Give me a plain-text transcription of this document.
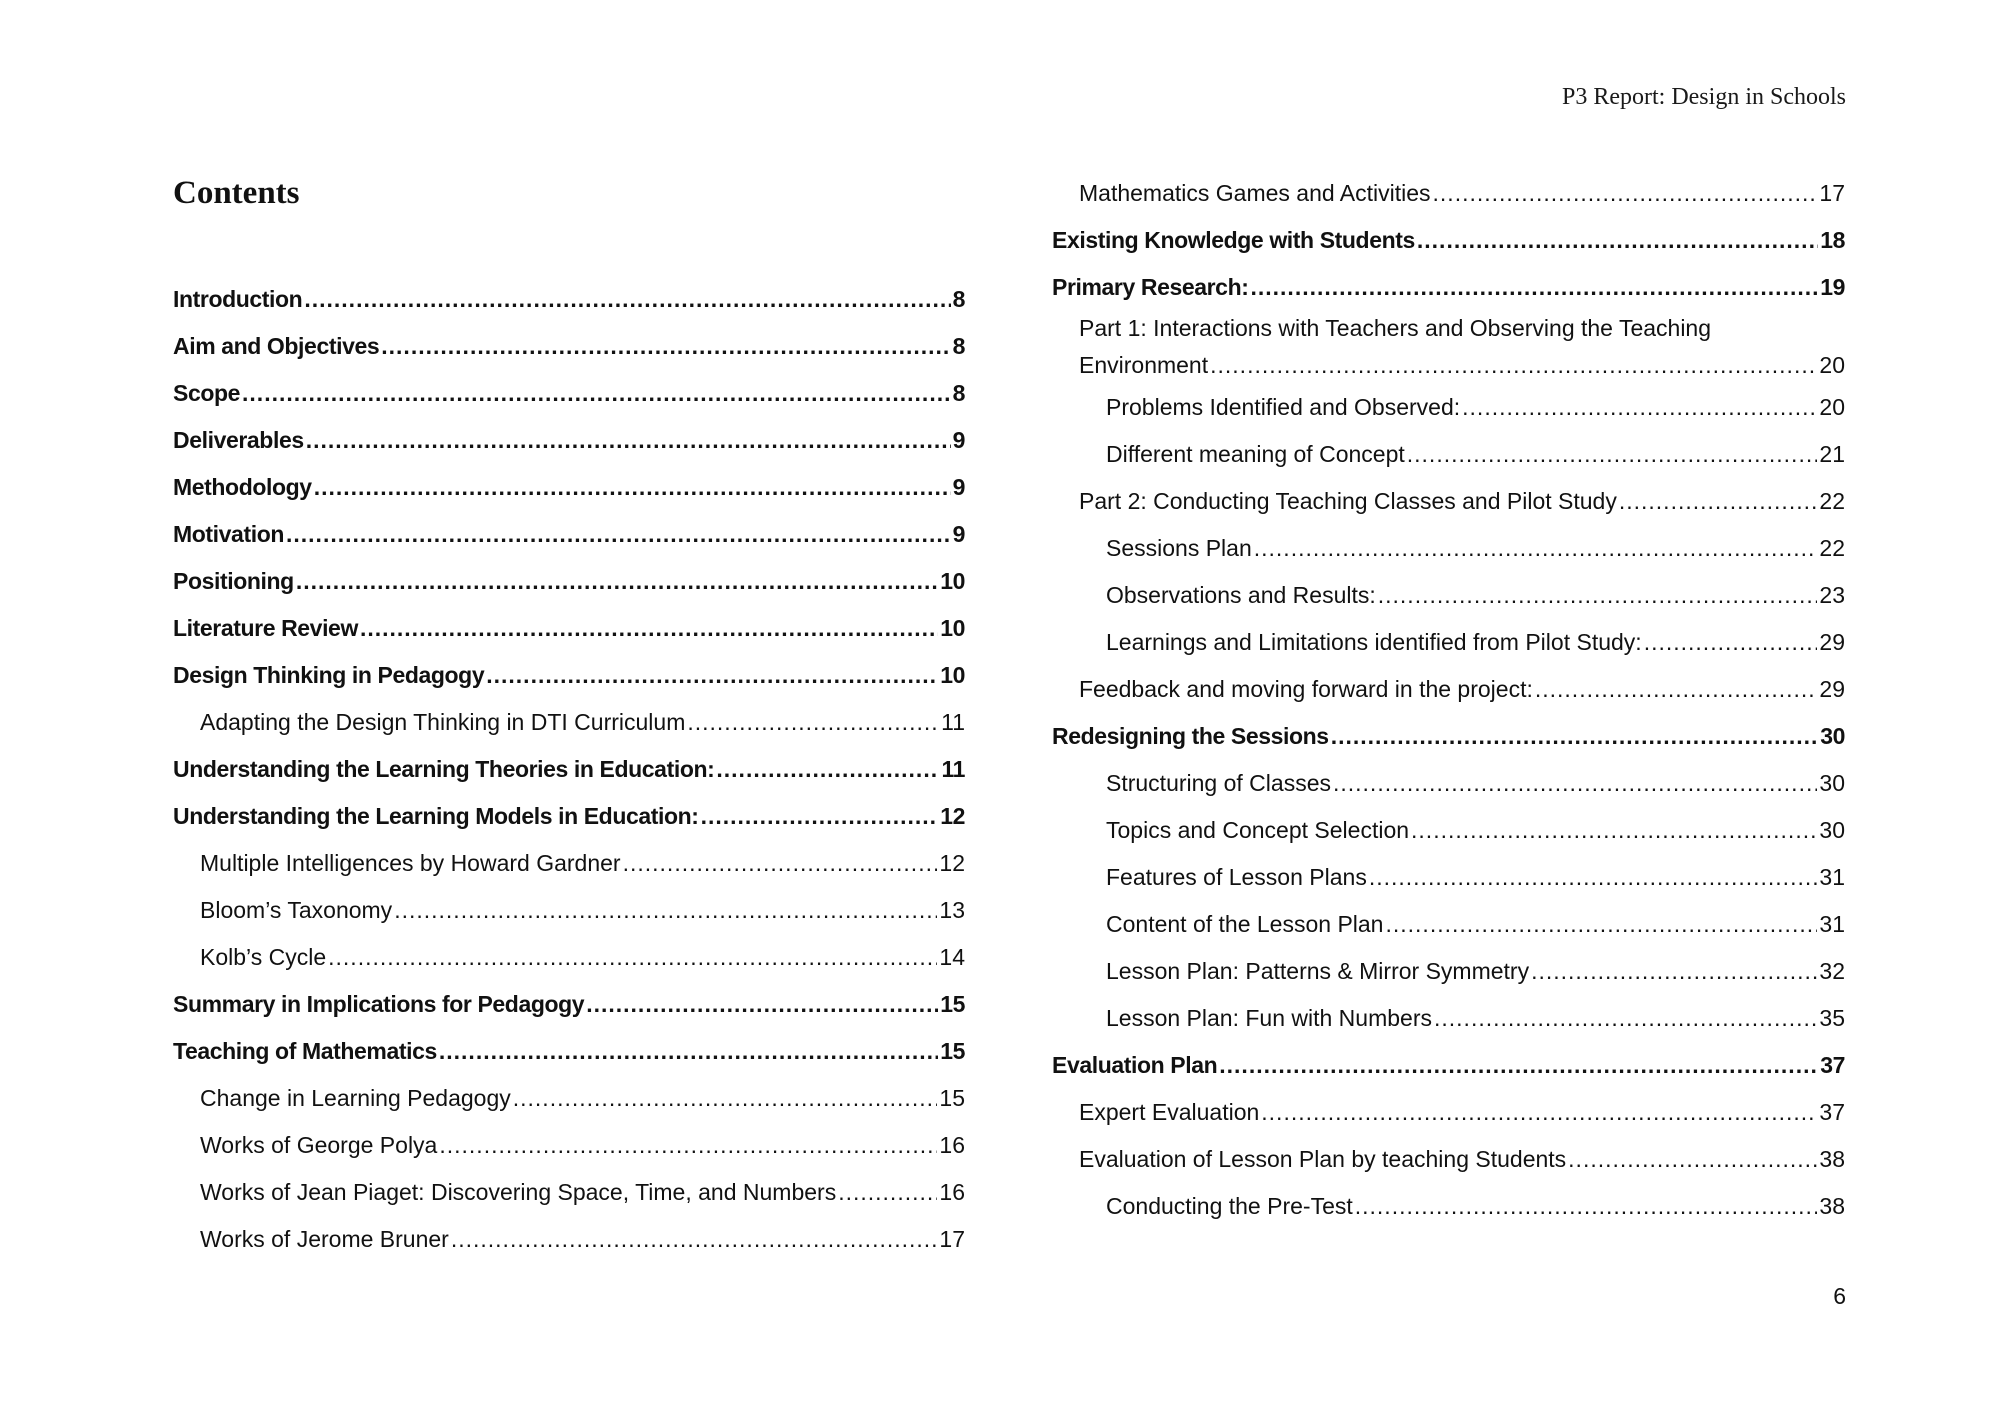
P3 Report: Design in Schools
Contents
Introduction .....	8
Aim and Objectives .....	8
Scope .....	8
Deliverables .....	9
Methodology .....	9
Motivation .....	9
Positioning .....	10
Literature Review .....	10
Design Thinking in Pedagogy .....	10
Adapting the Design Thinking in DTI Curriculum .....	11
Understanding the Learning Theories in Education: .....	11
Understanding the Learning Models in Education: .....	12
Multiple Intelligences by Howard Gardner .....	12
Bloom’s Taxonomy .....	13
Kolb’s Cycle .....	14
Summary in Implications for Pedagogy .....	15
Teaching of Mathematics .....	15
Change in Learning Pedagogy .....	15
Works of George Polya .....	16
Works of Jean Piaget: Discovering Space, Time, and Numbers .....	16
Works of Jerome Bruner .....	17
Mathematics Games and Activities .....	17
Existing Knowledge with Students .....	18
Primary Research: .....	19
Part 1: Interactions with Teachers and Observing the Teaching
Environment .....	20
Problems Identified and Observed: .....	20
Different meaning of Concept .....	21
Part 2: Conducting Teaching Classes and Pilot Study .....	22
Sessions Plan .....	22
Observations and Results: .....	23
Learnings and Limitations identified from Pilot Study: .....	29
Feedback and moving forward in the project: .....	29
Redesigning the Sessions .....	30
Structuring of Classes .....	30
Topics and Concept Selection .....	30
Features of Lesson Plans .....	31
Content of the Lesson Plan .....	31
Lesson Plan: Patterns & Mirror Symmetry .....	32
Lesson Plan: Fun with Numbers .....	35
Evaluation Plan .....	37
Expert Evaluation .....	37
Evaluation of Lesson Plan by teaching Students .....	38
Conducting the Pre-Test .....	38
6
